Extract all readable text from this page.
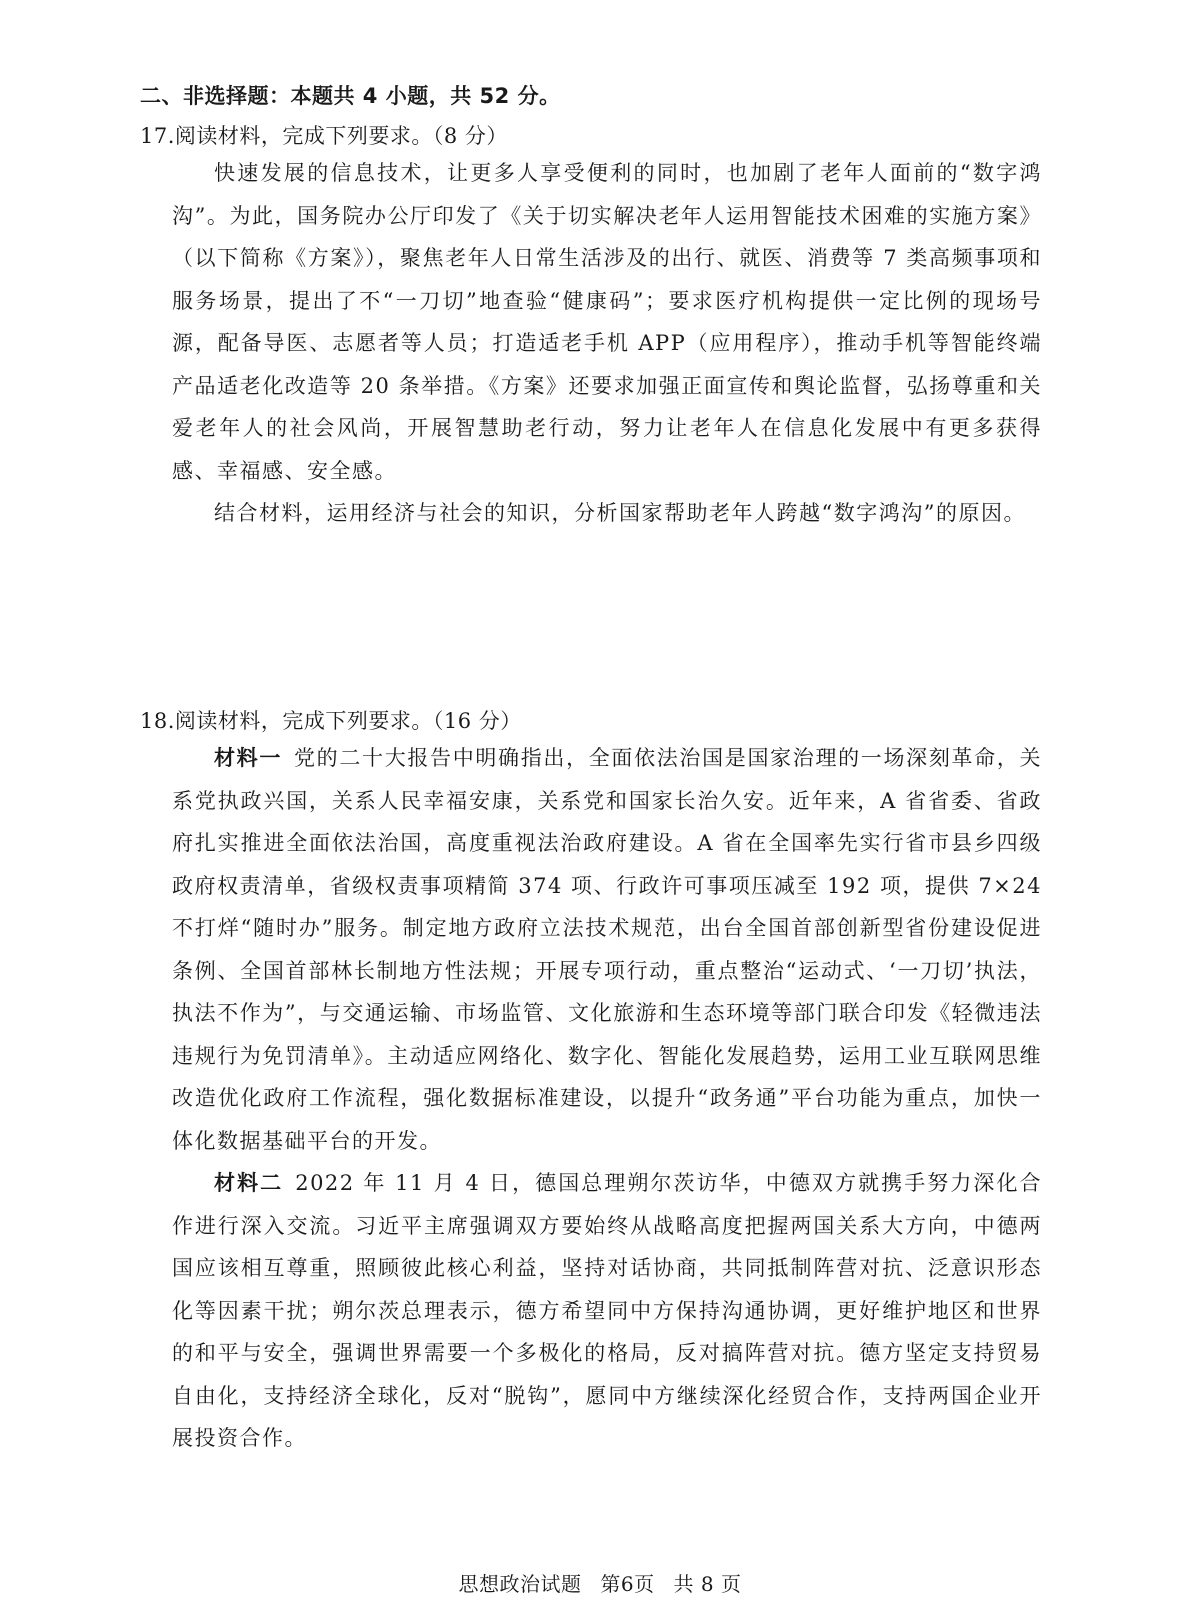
二、非选择题：本题共 4 小题，共 52 分。
17.阅读材料，完成下列要求。（8 分）

快速发展的信息技术，让更多人享受便利的同时，也加剧了老年人面前的“数字鸿沟”。为此，国务院办公厅印发了《关于切实解决老年人运用智能技术困难的实施方案》（以下简称《方案》），聚焦老年人日常生活涉及的出行、就医、消费等 7 类高频事项和服务场景，提出了不“一刀切”地查验“健康码”；要求医疗机构提供一定比例的现场号源，配备导医、志愿者等人员；打造适老手机 APP（应用程序），推动手机等智能终端产品适老化改造等 20 条举措。《方案》还要求加强正面宣传和舆论监督，弘扬尊重和关爱老年人的社会风尚，开展智慧助老行动，努力让老年人在信息化发展中有更多获得感、幸福感、安全感。

结合材料，运用经济与社会的知识，分析国家帮助老年人跨越“数字鸿沟”的原因。

18.阅读材料，完成下列要求。（16 分）

材料一 党的二十大报告中明确指出，全面依法治国是国家治理的一场深刻革命，关系党执政兴国，关系人民幸福安康，关系党和国家长治久安。近年来，A 省省委、省政府扎实推进全面依法治国，高度重视法治政府建设。A 省在全国率先实行省市县乡四级政府权责清单，省级权责事项精简 374 项、行政许可事项压减至 192 项，提供 7×24 不打烊“随时办”服务。制定地方政府立法技术规范，出台全国首部创新型省份建设促进条例、全国首部林长制地方性法规；开展专项行动，重点整治“运动式、‘一刀切’执法，执法不作为”，与交通运输、市场监管、文化旅游和生态环境等部门联合印发《轻微违法违规行为免罚清单》。主动适应网络化、数字化、智能化发展趋势，运用工业互联网思维改造优化政府工作流程，强化数据标准建设，以提升“政务通”平台功能为重点，加快一体化数据基础平台的开发。

材料二 2022 年 11 月 4 日，德国总理朔尔茨访华，中德双方就携手努力深化合作进行深入交流。习近平主席强调双方要始终从战略高度把握两国关系大方向，中德两国应该相互尊重，照顾彼此核心利益，坚持对话协商，共同抵制阵营对抗、泛意识形态化等因素干扰；朔尔茨总理表示，德方希望同中方保持沟通协调，更好维护地区和世界的和平与安全，强调世界需要一个多极化的格局，反对搞阵营对抗。德方坚定支持贸易自由化，支持经济全球化，反对“脱钩”，愿同中方继续深化经贸合作，支持两国企业开展投资合作。

思想政治试题 第6页 共 8 页
